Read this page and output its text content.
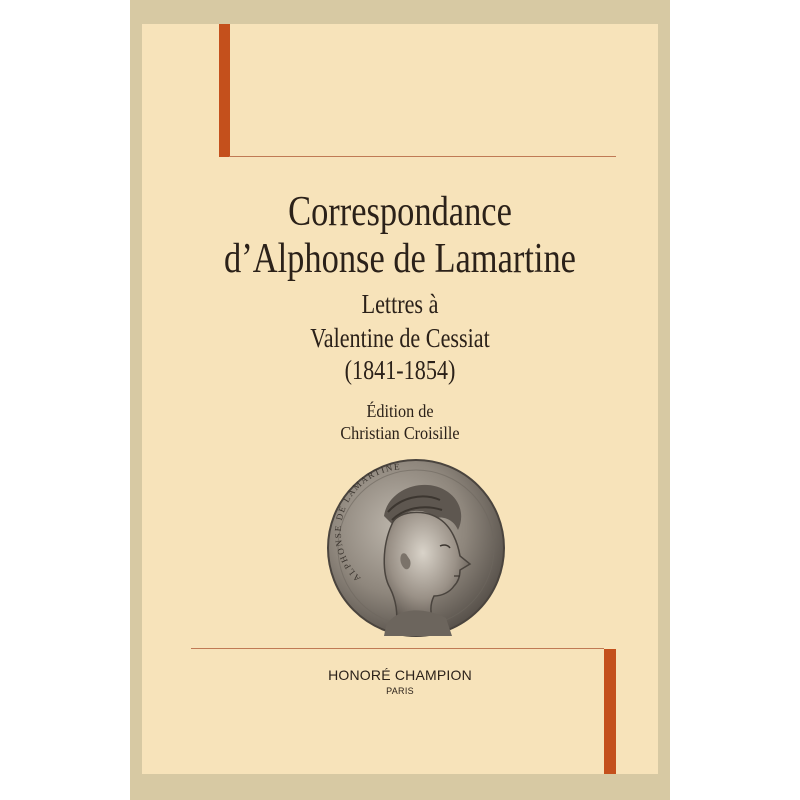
Correspondance
d’Alphonse de Lamartine
Lettres à
Valentine de Cessiat
(1841-1854)
Édition de
Christian Croisille
ALPHONSE DE LAMARTINE
HONORÉ CHAMPION
PARIS
